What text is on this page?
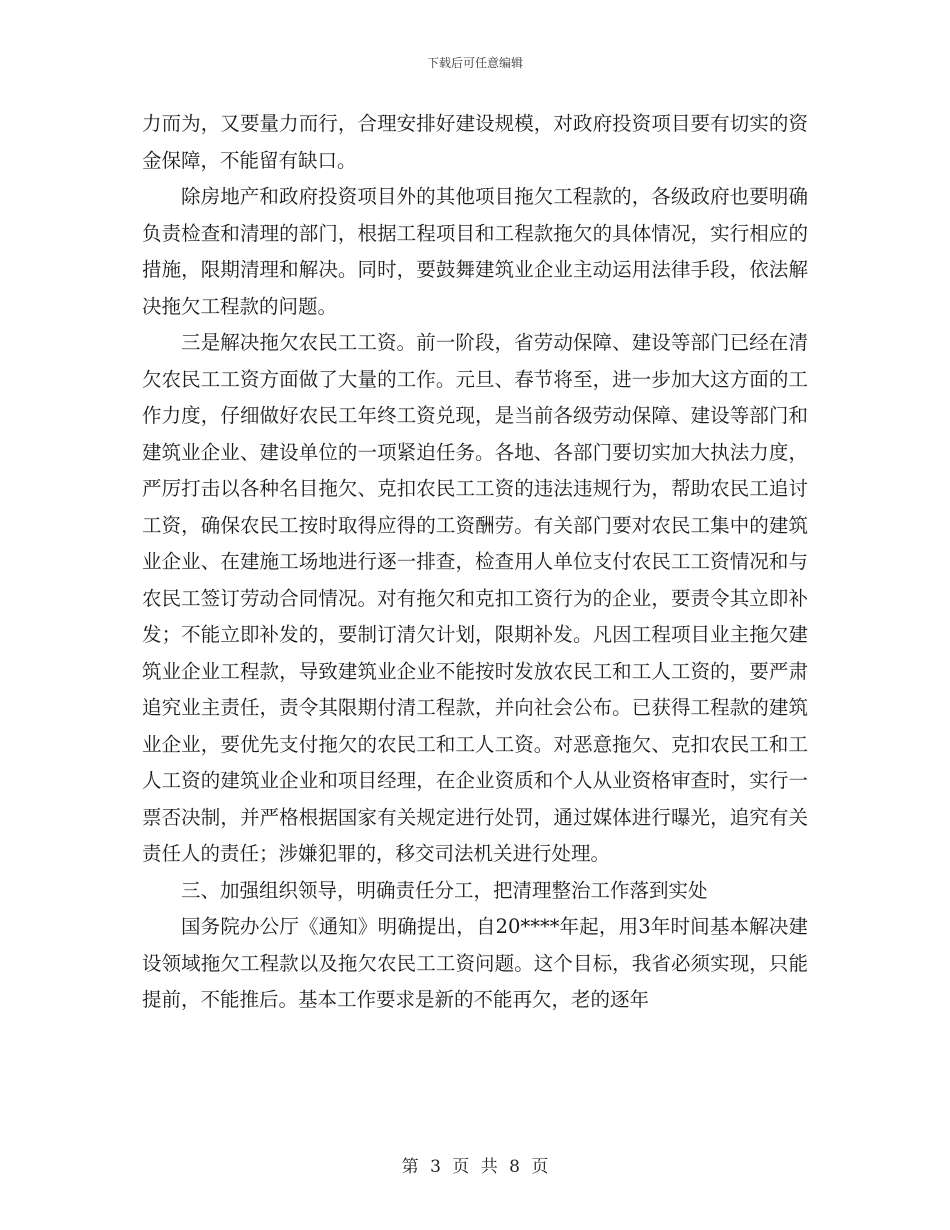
下载后可任意编辑

力而为，又要量力而行，合理安排好建设规模，对政府投资项目要有切实的资金保障，不能留有缺口。

除房地产和政府投资项目外的其他项目拖欠工程款的，各级政府也要明确负责检查和清理的部门，根据工程项目和工程款拖欠的具体情况，实行相应的措施，限期清理和解决。同时，要鼓舞建筑业企业主动运用法律手段，依法解决拖欠工程款的问题。

三是解决拖欠农民工工资。前一阶段，省劳动保障、建设等部门已经在清欠农民工工资方面做了大量的工作。元旦、春节将至，进一步加大这方面的工作力度，仔细做好农民工年终工资兑现，是当前各级劳动保障、建设等部门和建筑业企业、建设单位的一项紧迫任务。各地、各部门要切实加大执法力度，严厉打击以各种名目拖欠、克扣农民工工资的违法违规行为，帮助农民工追讨工资，确保农民工按时取得应得的工资酬劳。有关部门要对农民工集中的建筑业企业、在建施工场地进行逐一排查，检查用人单位支付农民工工资情况和与农民工签订劳动合同情况。对有拖欠和克扣工资行为的企业，要责令其立即补发；不能立即补发的，要制订清欠计划，限期补发。凡因工程项目业主拖欠建筑业企业工程款，导致建筑业企业不能按时发放农民工和工人工资的，要严肃追究业主责任，责令其限期付清工程款，并向社会公布。已获得工程款的建筑业企业，要优先支付拖欠的农民工和工人工资。对恶意拖欠、克扣农民工和工人工资的建筑业企业和项目经理，在企业资质和个人从业资格审查时，实行一票否决制，并严格根据国家有关规定进行处罚，通过媒体进行曝光，追究有关责任人的责任；涉嫌犯罪的，移交司法机关进行处理。

三、加强组织领导，明确责任分工，把清理整治工作落到实处

国务院办公厅《通知》明确提出，自20****年起，用3年时间基本解决建设领域拖欠工程款以及拖欠农民工工资问题。这个目标，我省必须实现，只能提前，不能推后。基本工作要求是新的不能再欠，老的逐年

第 3 页 共 8 页
